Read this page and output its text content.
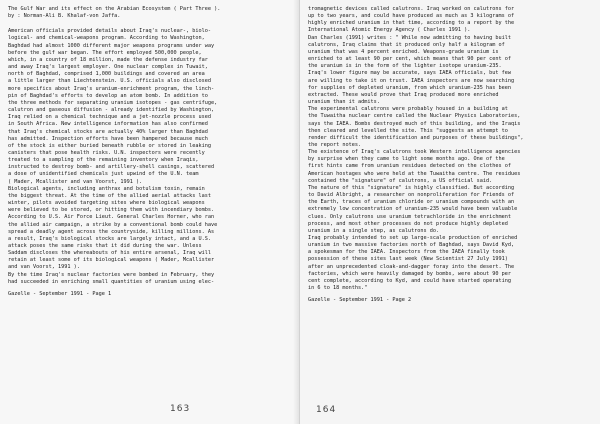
The Gulf War and its effect on the Arabian Ecosystem ( Part Three ).
by : Norman-Ali B. Khalaf-von Jaffa.
American officials provided details about Iraq's nuclear-, biolo-
logical- and chemical-weapons program. According to Washington,
Baghdad had almost 1000 different major weapons programs under way
before the gulf war began. The effort employed 500,000 people,
which, in a country of 18 million, made the defense industry far
and away Iraq's largest employer. One nuclear complex in Tuwait,
north of Baghdad, comprised 1,000 buildings and covered an area
a little larger than Liechtenstein. U.S. officials also disclosed
more specifics about Iraq's uranium-enrichment program, the linch-
pin of Baghdad's efforts to develop an atom bomb. In addition to
the three methods for separating uranium isotopes - gas centrifuge,
calutron and gaseous diffusion - already identified by Washington,
Iraq relied on a chemical technique and a jet-nozzle process used
in South Africa. New intelligence information has also confirmed
that Iraq's chemical stocks are actually 40% larger than Baghdad
has admitted. Inspection efforts have been hampered because much
of the stock is either buried beneath rubble or stored in leaking
canisters that pose health risks. U.N. inspectors were recently
treated to a sampling of the remaining inventory when Iraqis,
instructed to destroy bomb- and artillery-shell casings, scattered
a dose of unidentified chemicals just upwind of the U.N. team
( Mader, Mcallister and van Voorst, 1991 ).
Biological agents, including anthrax and botulism toxin, remain
the biggest threat. At the time of the allied aerial attacks last
winter, pilots avoided targeting sites where biological weapons
were believed to be stored, or hitting them with incendiary bombs.
According to U.S. Air Force Lieut. General Charles Horner, who ran
the allied air campaign, a strike by a conventional bomb could have
spread a deadly agent across the countryside, killing millions. As
a result, Iraq's biological stocks are largely intact, and a U.S.
attack poses the same risks that it did during the war. Unless
Saddam discloses the whereabouts of his entire arsenal, Iraq will
retain at least some of its biological weapons ( Mader, Mcallister
and van Voorst, 1991 ).
By the time Iraq's nuclear factories were bombed in February, they
had succeeded in enriching small quantities of uranium using elec-
Gazelle - September 1991 - Page 1
163
tromagnetic devices called calutrons. Iraq worked on calutrons for
up to two years, and could have produced as much as 3 kilograms of
highly enriched uranium in that time, according to a report by the
International Atomic Energy Agency ( Charles 1991 ).
Dan Charles (1991) writes : " While now admitting to having built
calutrons, Iraq claims that it produced only half a kilogram of
uranium that was 4 percent enriched. Weapons-grade uranium is
enriched to at least 90 per cent, which means that 90 per cent of
the uranium is in the form of the lighter isotope uranium-235.
Iraq's lower figure may be accurate, says IAEA officials, but few
are willing to take it on trust. IAEA inspectors are now searching
for supplies of depleted uranium, from which uranium-235 has been
extracted. These would prove that Iraq produced more enriched
uranium than it admits.
The experimental calutrons were probably housed in a building at
the Tuwaitha nuclear centre called the Nuclear Physics Laboratories,
says the IAEA. Bombs destroyed much of this building, and the Iraqis
then cleared and levelled the site. This "suggests an attempt to
render difficult the identification and purposes of these buildings",
the report notes.
The existence of Iraq's calutrons took Western intelligence agencies
by surprise when they came to light some months ago. One of the
first hints came from uranium residues detected on the clothes of
American hostages who were held at the Tuwaitha centre. The residues
contained the "signature" of calutrons, a US official said.
The nature of this "signature" is highly classified. But according
to David Albright, a researcher on nonproliferation for Friends of
the Earth, traces of uranium chloride or uranium compounds with an
extremely low concentration of uranium-235 would have been valuable
clues. Only calutrons use uranium tetrachloride in the enrichment
process, and most other processes do not produce highly depleted
uranium in a single step, as calutrons do.
Iraq probably intended to set up large-scale production of enriched
uranium in two massive factories north of Baghdad, says David Kyd,
a spokesman for the IAEA. Inspectors from the IAEA finally took
possession of these sites last week (New Scientist 27 July 1991)
after an unprecedented cloak-and-dagger foray into the desert. The
factories, which were heavily damaged by bombs, were about 90 per
cent complete, according to Kyd, and could have started operating
in 6 to 18 months."
Gazelle - September 1991 - Page 2
164
